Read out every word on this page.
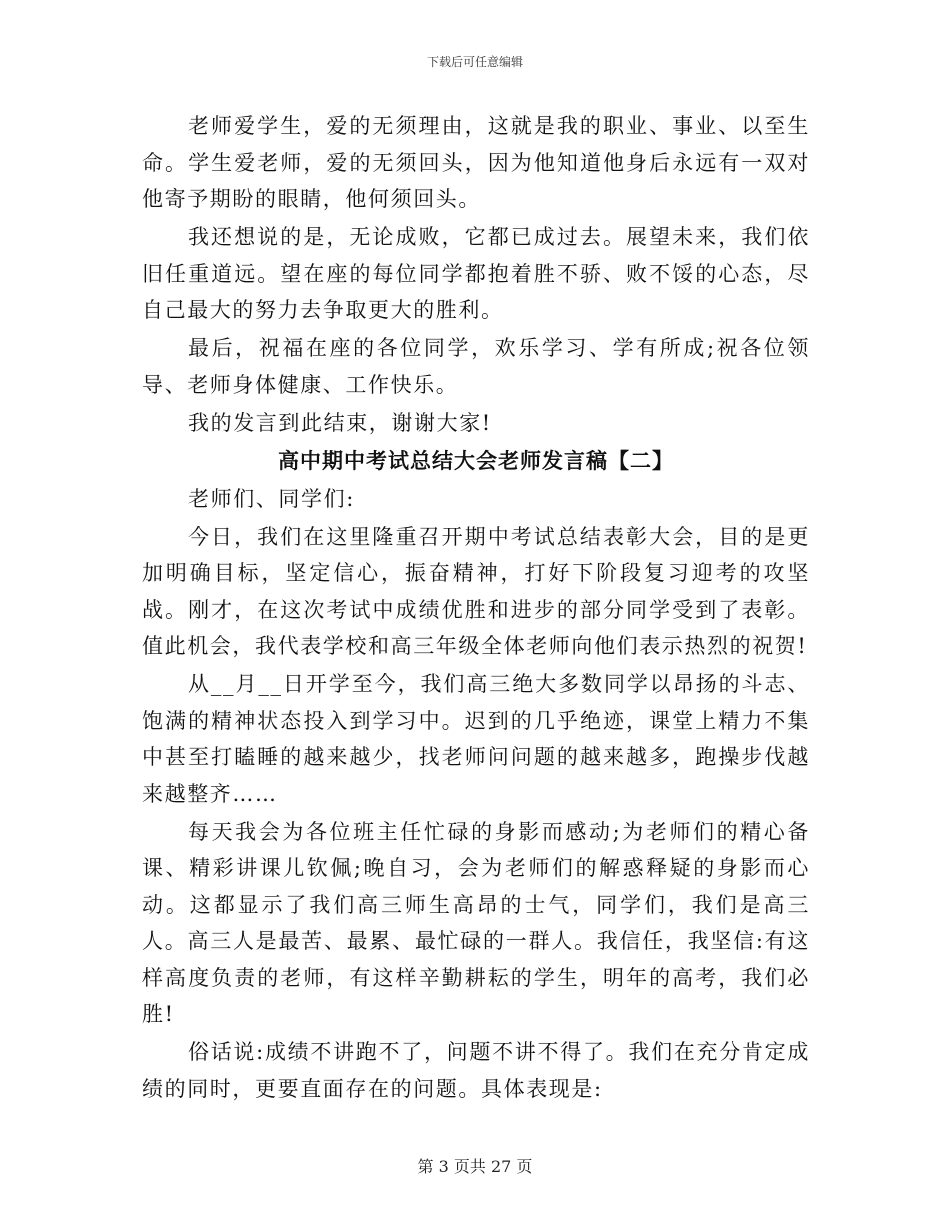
下载后可任意编辑

老师爱学生，爱的无须理由，这就是我的职业、事业、以至生命。学生爱老师，爱的无须回头，因为他知道他身后永远有一双对他寄予期盼的眼睛，他何须回头。

我还想说的是，无论成败，它都已成过去。展望未来，我们依旧任重道远。望在座的每位同学都抱着胜不骄、败不馁的心态，尽自己最大的努力去争取更大的胜利。

最后，祝福在座的各位同学，欢乐学习、学有所成;祝各位领导、老师身体健康、工作快乐。

我的发言到此结束，谢谢大家!

高中期中考试总结大会老师发言稿【二】

老师们、同学们:

今日，我们在这里隆重召开期中考试总结表彰大会，目的是更加明确目标，坚定信心，振奋精神，打好下阶段复习迎考的攻坚战。刚才，在这次考试中成绩优胜和进步的部分同学受到了表彰。值此机会，我代表学校和高三年级全体老师向他们表示热烈的祝贺!

从__月__日开学至今，我们高三绝大多数同学以昂扬的斗志、饱满的精神状态投入到学习中。迟到的几乎绝迹，课堂上精力不集中甚至打瞌睡的越来越少，找老师问问题的越来越多，跑操步伐越来越整齐……

每天我会为各位班主任忙碌的身影而感动;为老师们的精心备课、精彩讲课儿钦佩;晚自习，会为老师们的解惑释疑的身影而心动。这都显示了我们高三师生高昂的士气，同学们，我们是高三人。高三人是最苦、最累、最忙碌的一群人。我信任，我坚信:有这样高度负责的老师，有这样辛勤耕耘的学生，明年的高考，我们必胜!

俗话说:成绩不讲跑不了，问题不讲不得了。我们在充分肯定成绩的同时，更要直面存在的问题。具体表现是:

第 3 页共 27 页
